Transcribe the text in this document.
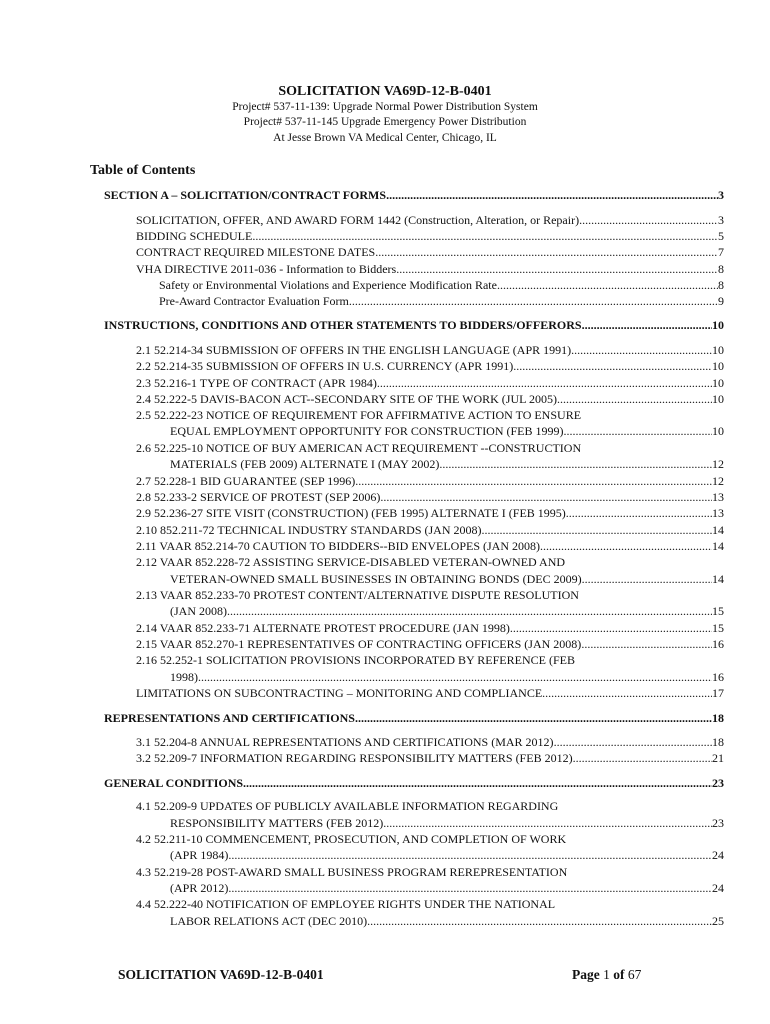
SOLICITATION VA69D-12-B-0401
Project# 537-11-139: Upgrade Normal Power Distribution System
Project# 537-11-145 Upgrade Emergency Power Distribution
At Jesse Brown VA Medical Center, Chicago, IL
Table of Contents
SECTION A – SOLICITATION/CONTRACT FORMS .....	3
SOLICITATION, OFFER, AND AWARD FORM 1442 (Construction, Alteration, or Repair) .....	3
BIDDING SCHEDULE .....	5
CONTRACT REQUIRED MILESTONE DATES .....	7
VHA DIRECTIVE 2011-036 - Information to Bidders .....	8
Safety or Environmental Violations and Experience Modification Rate .....	8
Pre-Award Contractor Evaluation Form .....	9
INSTRUCTIONS, CONDITIONS AND OTHER STATEMENTS TO BIDDERS/OFFERORS .....	10
2.1 52.214-34 SUBMISSION OF OFFERS IN THE ENGLISH LANGUAGE (APR 1991) .....	10
2.2 52.214-35 SUBMISSION OF OFFERS IN U.S. CURRENCY (APR 1991) .....	10
2.3 52.216-1 TYPE OF CONTRACT (APR 1984) .....	10
2.4 52.222-5 DAVIS-BACON ACT--SECONDARY SITE OF THE WORK (JUL 2005) .....	10
2.5 52.222-23 NOTICE OF REQUIREMENT FOR AFFIRMATIVE ACTION TO ENSURE
EQUAL EMPLOYMENT OPPORTUNITY FOR CONSTRUCTION (FEB 1999) .....	10
2.6 52.225-10 NOTICE OF BUY AMERICAN ACT REQUIREMENT --CONSTRUCTION
MATERIALS (FEB 2009) ALTERNATE I (MAY 2002) .....	12
2.7 52.228-1 BID GUARANTEE (SEP 1996) .....	12
2.8 52.233-2 SERVICE OF PROTEST (SEP 2006) .....	13
2.9 52.236-27 SITE VISIT (CONSTRUCTION) (FEB 1995) ALTERNATE I (FEB 1995) .....	13
2.10 852.211-72 TECHNICAL INDUSTRY STANDARDS (JAN 2008) .....	14
2.11 VAAR 852.214-70 CAUTION TO BIDDERS--BID ENVELOPES (JAN 2008) .....	14
2.12 VAAR 852.228-72 ASSISTING SERVICE-DISABLED VETERAN-OWNED AND
VETERAN-OWNED SMALL BUSINESSES IN OBTAINING BONDS (DEC 2009) .....	14
2.13 VAAR 852.233-70 PROTEST CONTENT/ALTERNATIVE DISPUTE RESOLUTION
(JAN 2008) .....	15
2.14 VAAR 852.233-71 ALTERNATE PROTEST PROCEDURE (JAN 1998) .....	15
2.15 VAAR 852.270-1 REPRESENTATIVES OF CONTRACTING OFFICERS (JAN 2008) .....	16
2.16 52.252-1 SOLICITATION PROVISIONS INCORPORATED BY REFERENCE (FEB
1998) .....	16
LIMITATIONS ON SUBCONTRACTING – MONITORING AND COMPLIANCE .....	17
REPRESENTATIONS AND CERTIFICATIONS .....	18
3.1 52.204-8 ANNUAL REPRESENTATIONS AND CERTIFICATIONS (MAR 2012) .....	18
3.2 52.209-7 INFORMATION REGARDING RESPONSIBILITY MATTERS (FEB 2012) .....	21
GENERAL CONDITIONS .....	23
4.1 52.209-9 UPDATES OF PUBLICLY AVAILABLE INFORMATION REGARDING
RESPONSIBILITY MATTERS (FEB 2012) .....	23
4.2 52.211-10 COMMENCEMENT, PROSECUTION, AND COMPLETION OF WORK
(APR 1984) .....	24
4.3 52.219-28 POST-AWARD SMALL BUSINESS PROGRAM REREPRESENTATION
(APR 2012) .....	24
4.4 52.222-40 NOTIFICATION OF EMPLOYEE RIGHTS UNDER THE NATIONAL
LABOR RELATIONS ACT (DEC 2010) .....	25
SOLICITATION VA69D-12-B-0401	Page 1 of 67
